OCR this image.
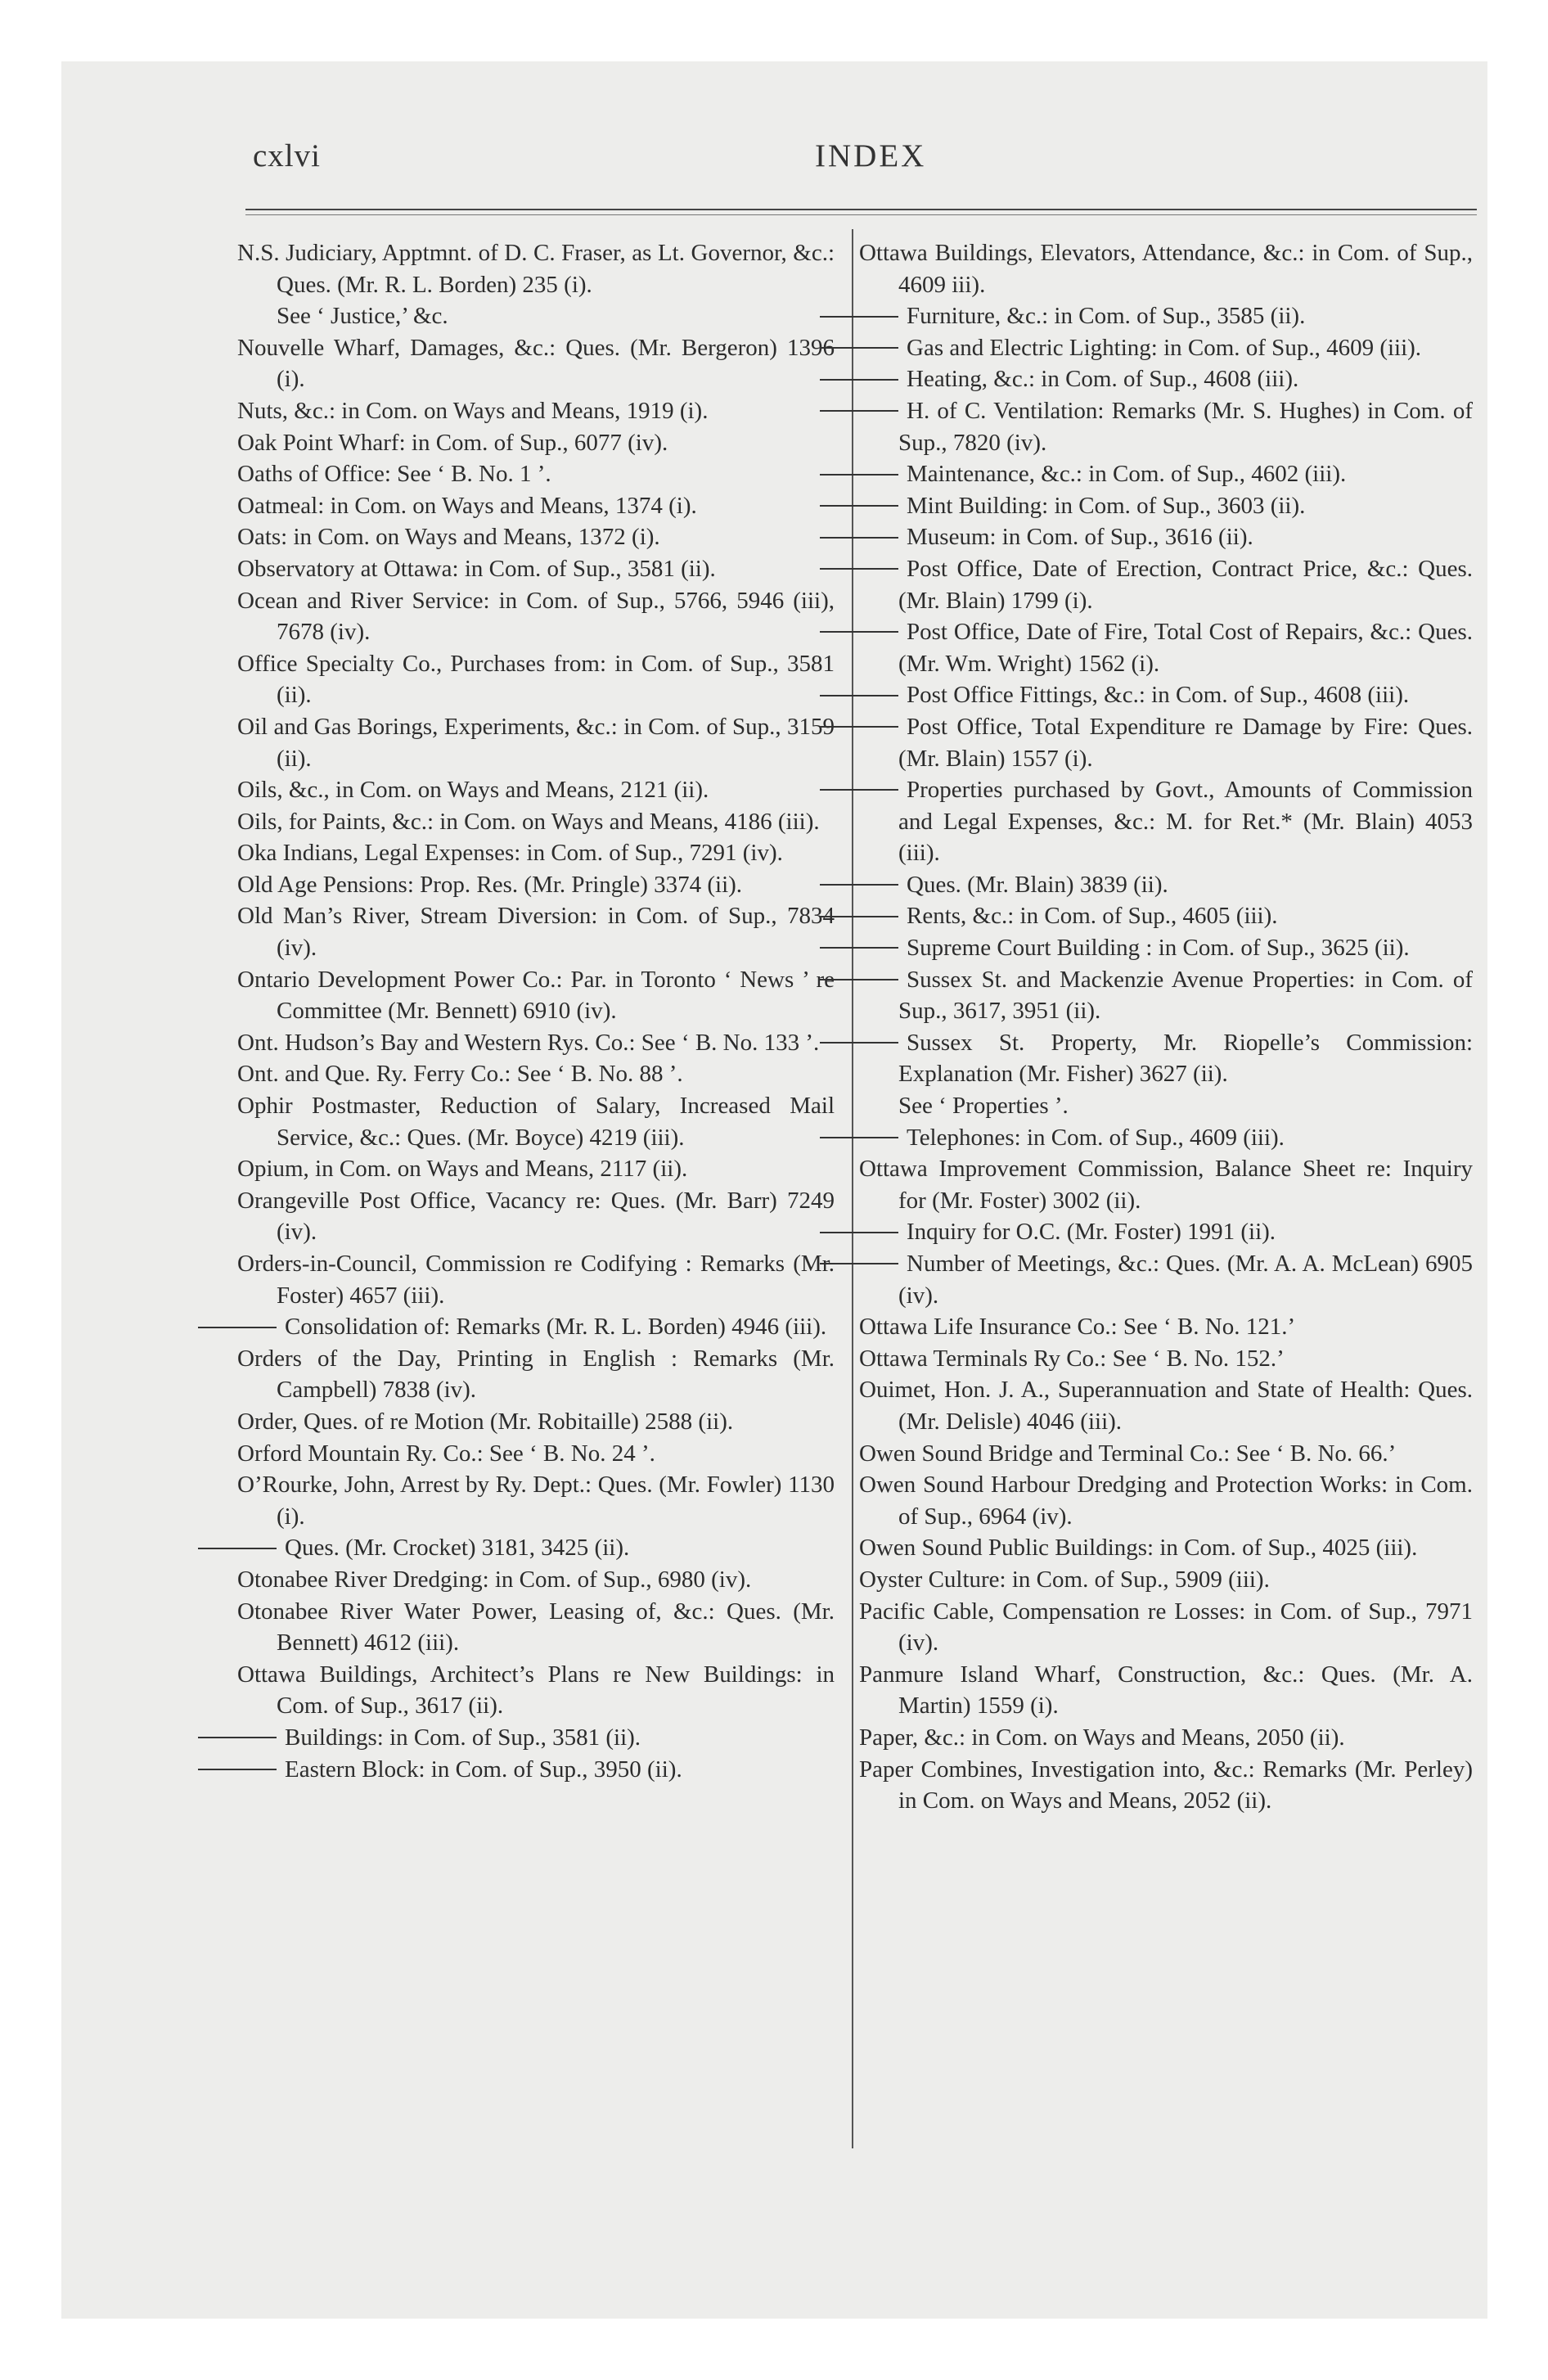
cxlvi	INDEX

N.S. Judiciary, Apptmnt. of D. C. Fraser, as Lt. Governor, &c.: Ques. (Mr. R. L. Borden) 235 (i).

See ‘ Justice,’ &c.

Nouvelle Wharf, Damages, &c.: Ques. (Mr. Bergeron) 1396 (i).

Nuts, &c.: in Com. on Ways and Means, 1919 (i).

Oak Point Wharf: in Com. of Sup., 6077 (iv).

Oaths of Office: See ‘ B. No. 1 ’.

Oatmeal: in Com. on Ways and Means, 1374 (i).

Oats: in Com. on Ways and Means, 1372 (i).

Observatory at Ottawa: in Com. of Sup., 3581 (ii).

Ocean and River Service: in Com. of Sup., 5766, 5946 (iii), 7678 (iv).

Office Specialty Co., Purchases from: in Com. of Sup., 3581 (ii).

Oil and Gas Borings, Experiments, &c.: in Com. of Sup., 3159 (ii).

Oils, &c., in Com. on Ways and Means, 2121 (ii).

Oils, for Paints, &c.: in Com. on Ways and Means, 4186 (iii).

Oka Indians, Legal Expenses: in Com. of Sup., 7291 (iv).

Old Age Pensions: Prop. Res. (Mr. Pringle) 3374 (ii).

Old Man’s River, Stream Diversion: in Com. of Sup., 7834 (iv).

Ontario Development Power Co.: Par. in Toronto ‘ News ’ re Committee (Mr. Bennett) 6910 (iv).

Ont. Hudson’s Bay and Western Rys. Co.: See ‘ B. No. 133 ’.

Ont. and Que. Ry. Ferry Co.: See ‘ B. No. 88 ’.

Ophir Postmaster, Reduction of Salary, Increased Mail Service, &c.: Ques. (Mr. Boyce) 4219 (iii).

Opium, in Com. on Ways and Means, 2117 (ii).

Orangeville Post Office, Vacancy re: Ques. (Mr. Barr) 7249 (iv).

Orders-in-Council, Commission re Codifying : Remarks (Mr. Foster) 4657 (iii).

Consolidation of: Remarks (Mr. R. L. Borden) 4946 (iii).

Orders of the Day, Printing in English : Remarks (Mr. Campbell) 7838 (iv).

Order, Ques. of re Motion (Mr. Robitaille) 2588 (ii).

Orford Mountain Ry. Co.: See ‘ B. No. 24 ’.

O’Rourke, John, Arrest by Ry. Dept.: Ques. (Mr. Fowler) 1130 (i).

Ques. (Mr. Crocket) 3181, 3425 (ii).

Otonabee River Dredging: in Com. of Sup., 6980 (iv).

Otonabee River Water Power, Leasing of, &c.: Ques. (Mr. Bennett) 4612 (iii).

Ottawa Buildings, Architect’s Plans re New Buildings: in Com. of Sup., 3617 (ii).

Buildings: in Com. of Sup., 3581 (ii).

Eastern Block: in Com. of Sup., 3950 (ii).

Ottawa Buildings, Elevators, Attendance, &c.: in Com. of Sup., 4609 iii).

Furniture, &c.: in Com. of Sup., 3585 (ii).

Gas and Electric Lighting: in Com. of Sup., 4609 (iii).

Heating, &c.: in Com. of Sup., 4608 (iii).

H. of C. Ventilation: Remarks (Mr. S. Hughes) in Com. of Sup., 7820 (iv).

Maintenance, &c.: in Com. of Sup., 4602 (iii).

Mint Building: in Com. of Sup., 3603 (ii).

Museum: in Com. of Sup., 3616 (ii).

Post Office, Date of Erection, Contract Price, &c.: Ques. (Mr. Blain) 1799 (i).

Post Office, Date of Fire, Total Cost of Repairs, &c.: Ques. (Mr. Wm. Wright) 1562 (i).

Post Office Fittings, &c.: in Com. of Sup., 4608 (iii).

Post Office, Total Expenditure re Damage by Fire: Ques. (Mr. Blain) 1557 (i).

Properties purchased by Govt., Amounts of Commission and Legal Expenses, &c.: M. for Ret.* (Mr. Blain) 4053 (iii).

Ques. (Mr. Blain) 3839 (ii).

Rents, &c.: in Com. of Sup., 4605 (iii).

Supreme Court Building : in Com. of Sup., 3625 (ii).

Sussex St. and Mackenzie Avenue Properties: in Com. of Sup., 3617, 3951 (ii).

Sussex St. Property, Mr. Riopelle’s Commission: Explanation (Mr. Fisher) 3627 (ii).

See ‘ Properties ’.

Telephones: in Com. of Sup., 4609 (iii).

Ottawa Improvement Commission, Balance Sheet re: Inquiry for (Mr. Foster) 3002 (ii).

Inquiry for O.C. (Mr. Foster) 1991 (ii).

Number of Meetings, &c.: Ques. (Mr. A. A. McLean) 6905 (iv).

Ottawa Life Insurance Co.: See ‘ B. No. 121.’

Ottawa Terminals Ry Co.: See ‘ B. No. 152.’

Ouimet, Hon. J. A., Superannuation and State of Health: Ques. (Mr. Delisle) 4046 (iii).

Owen Sound Bridge and Terminal Co.: See ‘ B. No. 66.’

Owen Sound Harbour Dredging and Protection Works: in Com. of Sup., 6964 (iv).

Owen Sound Public Buildings: in Com. of Sup., 4025 (iii).

Oyster Culture: in Com. of Sup., 5909 (iii).

Pacific Cable, Compensation re Losses: in Com. of Sup., 7971 (iv).

Panmure Island Wharf, Construction, &c.: Ques. (Mr. A. Martin) 1559 (i).

Paper, &c.: in Com. on Ways and Means, 2050 (ii).

Paper Combines, Investigation into, &c.: Remarks (Mr. Perley) in Com. on Ways and Means, 2052 (ii).
